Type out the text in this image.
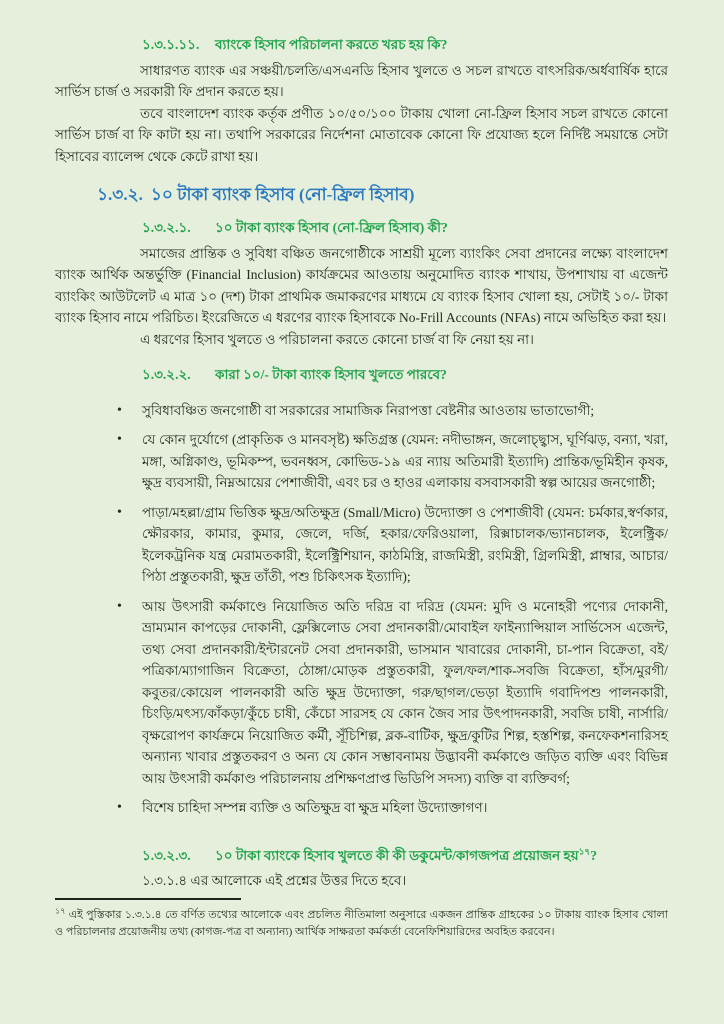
১.৩.১.১১.	ব্যাংকে হিসাব পরিচালনা করতে খরচ হয় কি?

সাধারণত ব্যাংক এর সঞ্চয়ী/চলতি/এসএনডি হিসাব খুলতে ও সচল রাখতে বাৎসরিক/অর্ধবার্ষিক হারে সার্ভিস চার্জ ও সরকারী ফি প্রদান করতে হয়।

তবে বাংলাদেশ ব্যাংক কর্তৃক প্রণীত ১০/৫০/১০০ টাকায় খোলা নো-ফ্রিল হিসাব সচল রাখতে কোনো সার্ভিস চার্জ বা ফি কাটা হয় না। তথাপি সরকারের নির্দেশনা মোতাবেক কোনো ফি প্রযোজ্য হলে নির্দিষ্ট সময়ান্তে সেটা হিসাবের ব্যালেন্স থেকে কেটে রাখা হয়।

১.৩.২. ১০ টাকা ব্যাংক হিসাব (নো-ফ্রিল হিসাব)
১.৩.২.১.	১০ টাকা ব্যাংক হিসাব (নো-ফ্রিল হিসাব) কী?

সমাজের প্রান্তিক ও সুবিধা বঞ্চিত জনগোষ্ঠীকে সাশ্রয়ী মূল্যে ব্যাংকিং সেবা প্রদানের লক্ষ্যে বাংলাদেশ ব্যাংক আর্থিক অন্তর্ভুক্তি (Financial Inclusion) কার্যক্রমের আওতায় অনুমোদিত ব্যাংক শাখায়, উপশাখায় বা এজেন্ট ব্যাংকিং আউটলেট এ মাত্র ১০ (দশ) টাকা প্রাথমিক জমাকরণের মাধ্যমে যে ব্যাংক হিসাব খোলা হয়, সেটাই ১০/- টাকা ব্যাংক হিসাব নামে পরিচিত। ইংরেজিতে এ ধরণের ব্যাংক হিসাবকে No-Frill Accounts (NFAs) নামে অভিহিত করা হয়।

এ ধরণের হিসাব খুলতে ও পরিচালনা করতে কোনো চার্জ বা ফি নেয়া হয় না।

১.৩.২.২.	কারা ১০/- টাকা ব্যাংক হিসাব খুলতে পারবে?
• সুবিধাবঞ্চিত জনগোষ্ঠী বা সরকারের সামাজিক নিরাপত্তা বেষ্টনীর আওতায় ভাতাভোগী;
• যে কোন দুর্যোগে (প্রাকৃতিক ও মানবসৃষ্ট) ক্ষতিগ্রস্ত (যেমন: নদীভাঙ্গন, জলোচ্ছ্বাস, ঘূর্ণিঝড়, বন্যা, খরা, মঙ্গা, অগ্নিকাণ্ড, ভূমিকম্প, ভবনধ্বস, কোভিড-১৯ এর ন্যায় অতিমারী ইত্যাদি) প্রান্তিক/ভূমিহীন কৃষক, ক্ষুদ্র ব্যবসায়ী, নিম্নআয়ের পেশাজীবী, এবং চর ও হাওর এলাকায় বসবাসকারী স্বল্প আয়ের জনগোষ্ঠী;
• পাড়া/মহল্লা/গ্রাম ভিত্তিক ক্ষুদ্র/অতিক্ষুদ্র (Small/Micro) উদ্যোক্তা ও পেশাজীবী (যেমন: চর্মকার,স্বর্ণকার, ক্ষৌরকার, কামার, কুমার, জেলে, দর্জি, হকার/ফেরিওয়ালা, রিক্সাচালক/ভ্যানচালক, ইলেক্ট্রিক/ইলেকট্রনিক যন্ত্র মেরামতকারী, ইলেক্ট্রিশিয়ান, কাঠমিস্ত্রি, রাজমিস্ত্রী, রংমিস্ত্রী, গ্রিলমিস্ত্রী, প্লাম্বার, আচার/পিঠা প্রস্তুতকারী, ক্ষুদ্র তাঁতী, পশু চিকিৎসক ইত্যাদি);
• আয় উৎসারী কর্মকাণ্ডে নিয়োজিত অতি দরিদ্র বা দরিদ্র (যেমন: মুদি ও মনোহরী পণ্যের দোকানী, ভ্রাম্যমান কাপড়ের দোকানী, ফ্লেক্সিলোড সেবা প্রদানকারী/মোবাইল ফাইন্যান্সিয়াল সার্ভিসেস এজেন্ট, তথ্য সেবা প্রদানকারী/ইন্টারনেট সেবা প্রদানকারী, ভাসমান খাবারের দোকানী, চা-পান বিক্রেতা, বই/পত্রিকা/ম্যাগাজিন বিক্রেতা, ঠোঙ্গা/মোড়ক প্রস্তুতকারী, ফুল/ফল/শাক-সবজি বিক্রেতা, হাঁস/মুরগী/কবুতর/কোয়েল পালনকারী অতি ক্ষুদ্র উদ্যোক্তা, গরু/ছাগল/ভেড়া ইত্যাদি গবাদিপশু পালনকারী, চিংড়ি/মৎস্য/কাঁকড়া/কুঁচে চাষী, কেঁচো সারসহ যে কোন জৈব সার উৎপাদনকারী, সবজি চাষী, নার্সারি/বৃক্ষরোপণ কার্যক্রমে নিয়োজিত কর্মী, সূঁচিশিল্প, ব্লক-বাটিক, ক্ষুদ্র/কুটির শিল্প, হস্তশিল্প, কনফেকশনারিসহ অন্যান্য খাবার প্রস্তুতকরণ ও অন্য যে কোন সম্ভাবনাময় উদ্ভাবনী কর্মকাণ্ডে জড়িত ব্যক্তি এবং বিভিন্ন আয় উৎসারী কর্মকাণ্ড পরিচালনায় প্রশিক্ষণপ্রাপ্ত ভিডিপি সদস্য) ব্যক্তি বা ব্যক্তিবর্গ;
• বিশেষ চাহিদা সম্পন্ন ব্যক্তি ও অতিক্ষুদ্র বা ক্ষুদ্র মহিলা উদ্যোক্তাগণ।
১.৩.২.৩.	১০ টাকা ব্যাংকে হিসাব খুলতে কী কী ডকুমেন্ট/কাগজপত্র প্রয়োজন হয়$^{১৭}$?

১.৩.১.৪ এর আলোকে এই প্রশ্নের উত্তর দিতে হবে।

$^{১৭}$ এই পুস্তিকার ১.৩.১.৪ তে বর্ণিত তথ্যের আলোকে এবং প্রচলিত নীতিমালা অনুসারে একজন প্রান্তিক গ্রাহকের ১০ টাকায় ব্যাংক হিসাব খোলা ও পরিচালনার প্রয়োজনীয় তথ্য (কাগজ-পত্র বা অন্যান্য) আর্থিক সাক্ষরতা কর্মকর্তা বেনেফিশিয়ারিদের অবহিত করবেন।
